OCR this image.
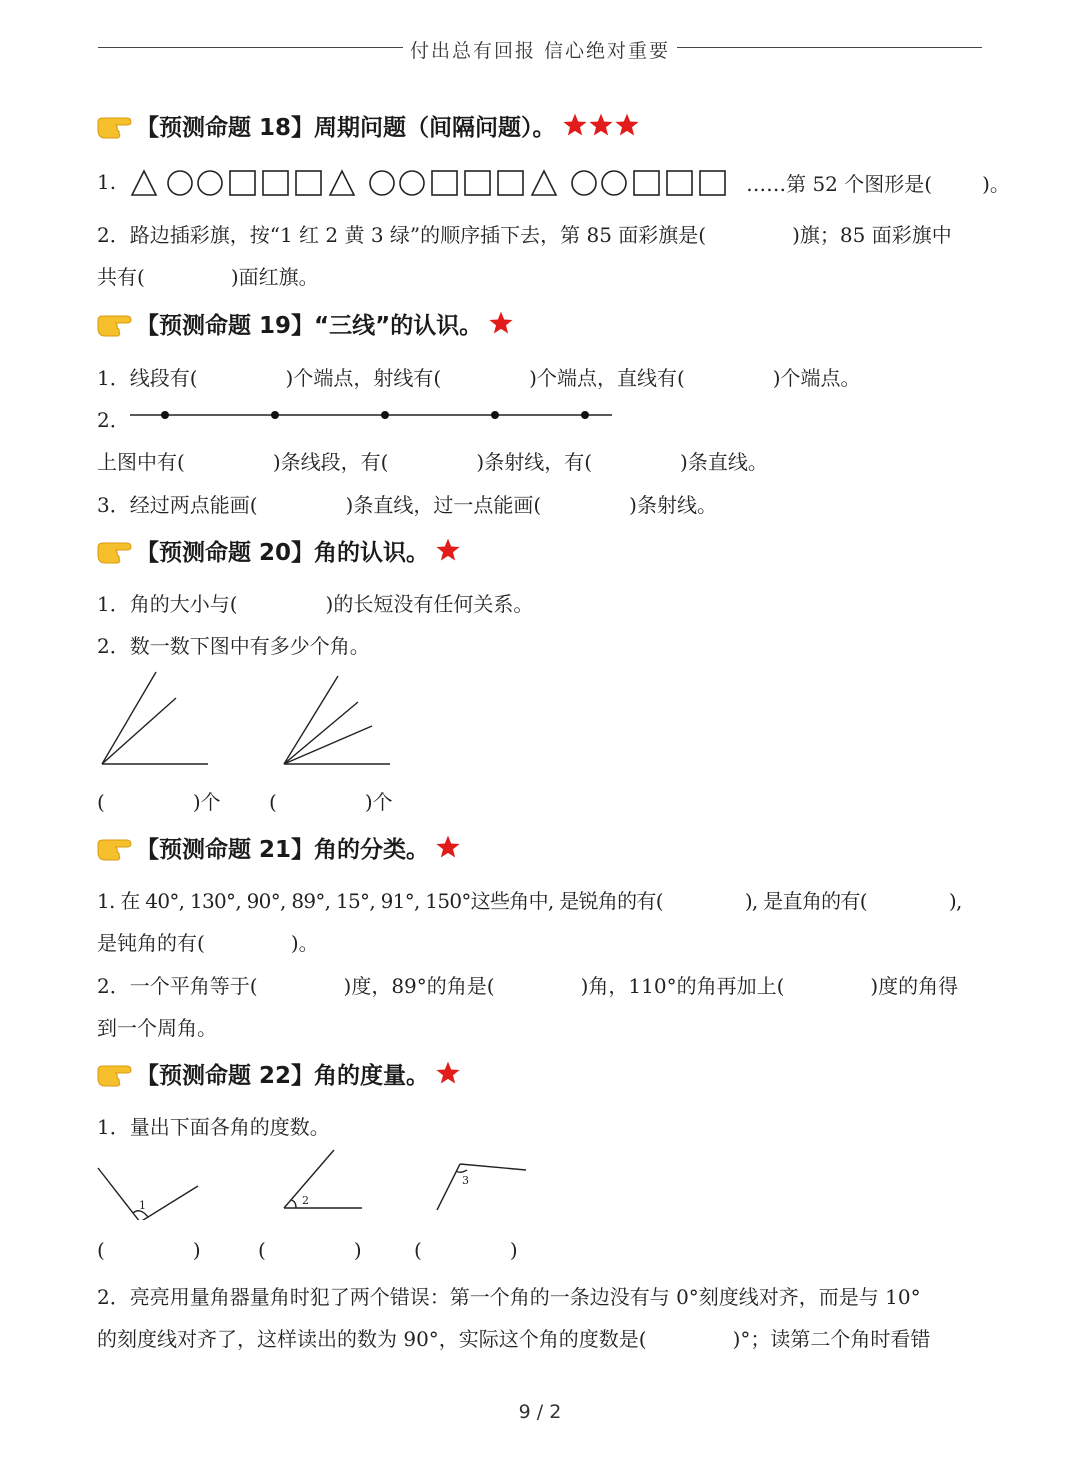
付出总有回报 信心绝对重要
【预测命题 18】周期问题（间隔问题）。
1.	……第 52 个图形是(	)。
2．路边插彩旗，按“1 红 2 黄 3 绿”的顺序插下去，第 85 面彩旗是(	)旗；85 面彩旗中
共有(	)面红旗。
【预测命题 19】“三线”的认识。
1．线段有(	)个端点，射线有(	)个端点，直线有(	)个端点。
2．
上图中有(	)条线段，有(	)条射线，有(	)条直线。
3．经过两点能画(	)条直线，过一点能画(	)条射线。
【预测命题 20】角的认识。
1．角的大小与(	)的长短没有任何关系。
2．数一数下图中有多少个角。
(	)个 (	)个
【预测命题 21】角的分类。
1. 在 40°, 130°, 90°, 89°, 15°, 91°, 150°这些角中, 是锐角的有(	), 是直角的有(	),
是钝角的有(	)。
2．一个平角等于(	)度，89°的角是(	)角，110°的角再加上(	)度的角得
到一个周角。
【预测命题 22】角的度量。
1．量出下面各角的度数。
1	2
3
(	)	(	)	(	)
2．亮亮用量角器量角时犯了两个错误：第一个角的一条边没有与 0°刻度线对齐，而是与 10°
的刻度线对齐了，这样读出的数为 90°，实际这个角的度数是(	)°；读第二个角时看错
9 / 2
